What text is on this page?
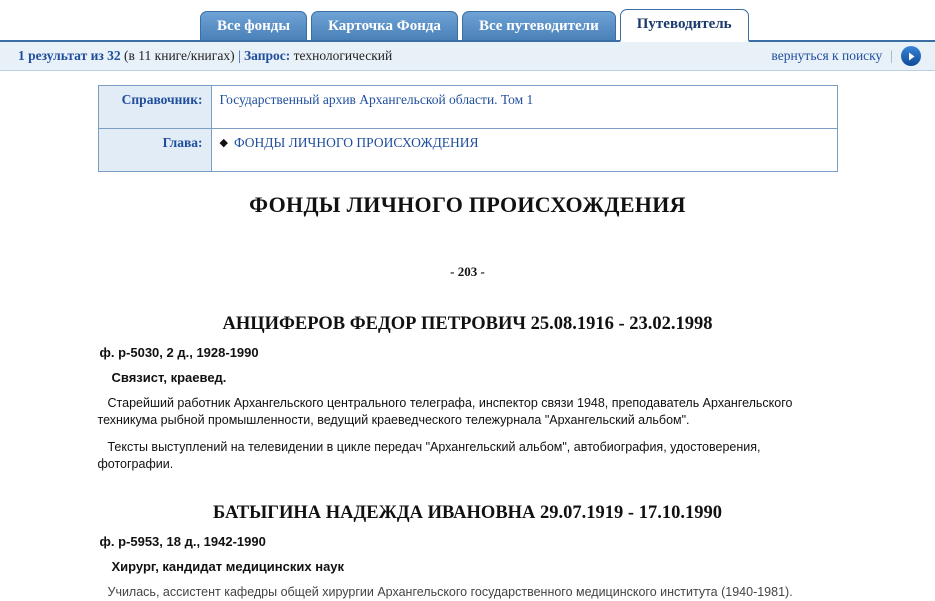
Все фонды	Карточка Фонда	Все путеводители	Путеводитель
1 результат из 32 (в 11 книге/книгах) | Запрос: технологический	вернуться к поиску |
Справочник:	Государственный архив Архангельской области. Том 1
Глава:	◆ ФОНДЫ ЛИЧНОГО ПРОИСХОЖДЕНИЯ
ФОНДЫ ЛИЧНОГО ПРОИСХОЖДЕНИЯ
- 203 -
АНЦИФЕРОВ ФЕДОР ПЕТРОВИЧ 25.08.1916 - 23.02.1998
ф. р-5030, 2 д., 1928-1990
Связист, краевед.
Старейший работник Архангельского центрального телеграфа, инспектор связи 1948, преподаватель Архангельского техникума рыбной промышленности, ведущий краеведческого тележурнала "Архангельский альбом".
Тексты выступлений на телевидении в цикле передач "Архангельский альбом", автобиография, удостоверения, фотографии.
БАТЫГИНА НАДЕЖДА ИВАНОВНА 29.07.1919 - 17.10.1990
ф. р-5953, 18 д., 1942-1990
Хирург, кандидат медицинских наук
Училась, ассистент кафедры общей хирургии Архангельского государственного медицинского института (1940-1981).
